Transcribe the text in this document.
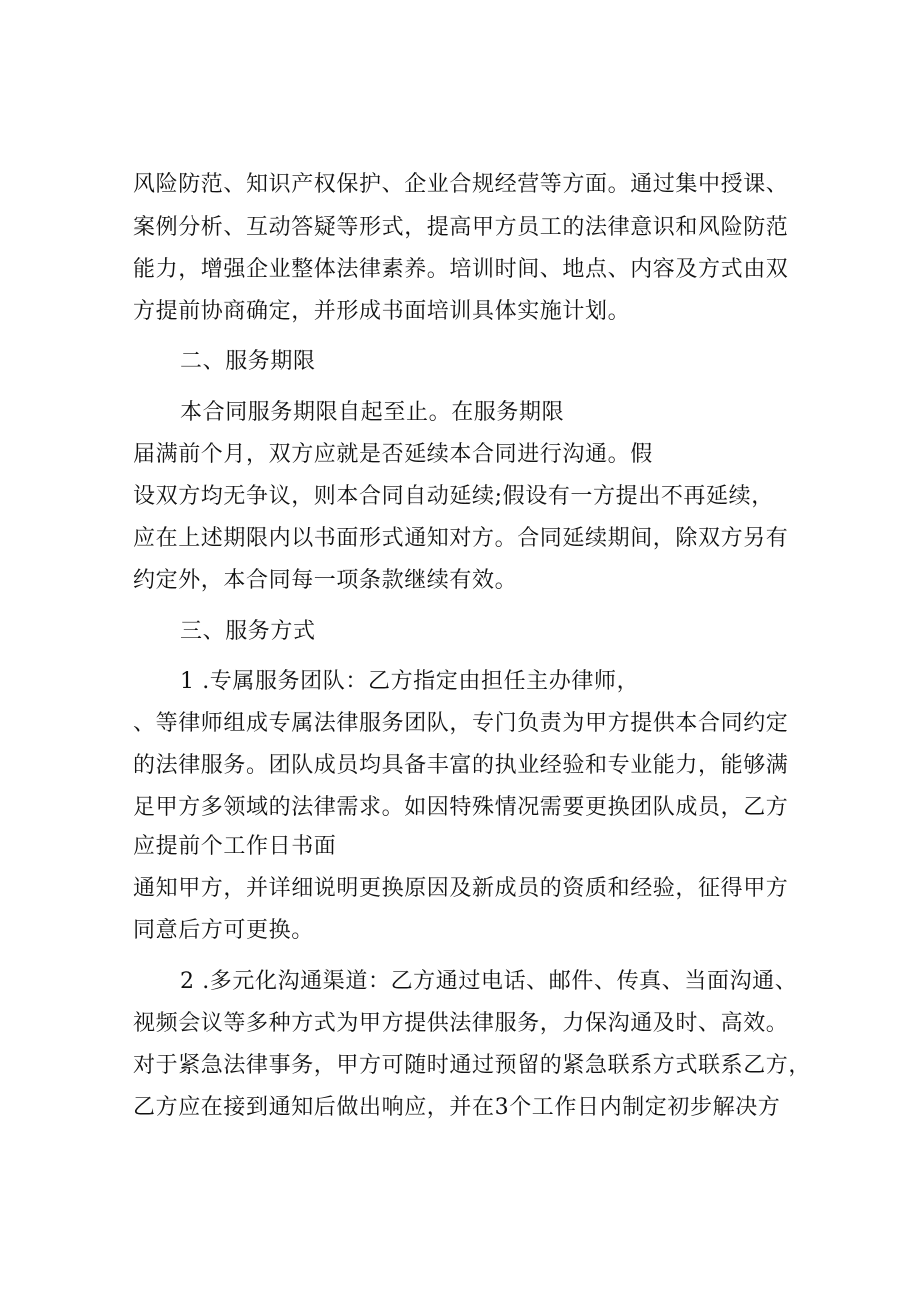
风险防范、知识产权保护、企业合规经营等方面。通过集中授课、
案例分析、互动答疑等形式，提高甲方员工的法律意识和风险防范
能力，增强企业整体法律素养。培训时间、地点、内容及方式由双
方提前协商确定，并形成书面培训具体实施计划。
二、服务期限
本合同服务期限自起至止。在服务期限
届满前个月，双方应就是否延续本合同进行沟通。假
设双方均无争议，则本合同自动延续;假设有一方提出不再延续，
应在上述期限内以书面形式通知对方。合同延续期间，除双方另有
约定外，本合同每一项条款继续有效。
三、服务方式
1 .专属服务团队：乙方指定由担任主办律师，
、等律师组成专属法律服务团队，专门负责为甲方提供本合同约定
的法律服务。团队成员均具备丰富的执业经验和专业能力，能够满
足甲方多领域的法律需求。如因特殊情况需要更换团队成员，乙方
应提前个工作日书面
通知甲方，并详细说明更换原因及新成员的资质和经验，征得甲方
同意后方可更换。
2 .多元化沟通渠道：乙方通过电话、邮件、传真、当面沟通、
视频会议等多种方式为甲方提供法律服务，力保沟通及时、高效。
对于紧急法律事务，甲方可随时通过预留的紧急联系方式联系乙方，
乙方应在接到通知后做出响应，并在3个工作日内制定初步解决方
